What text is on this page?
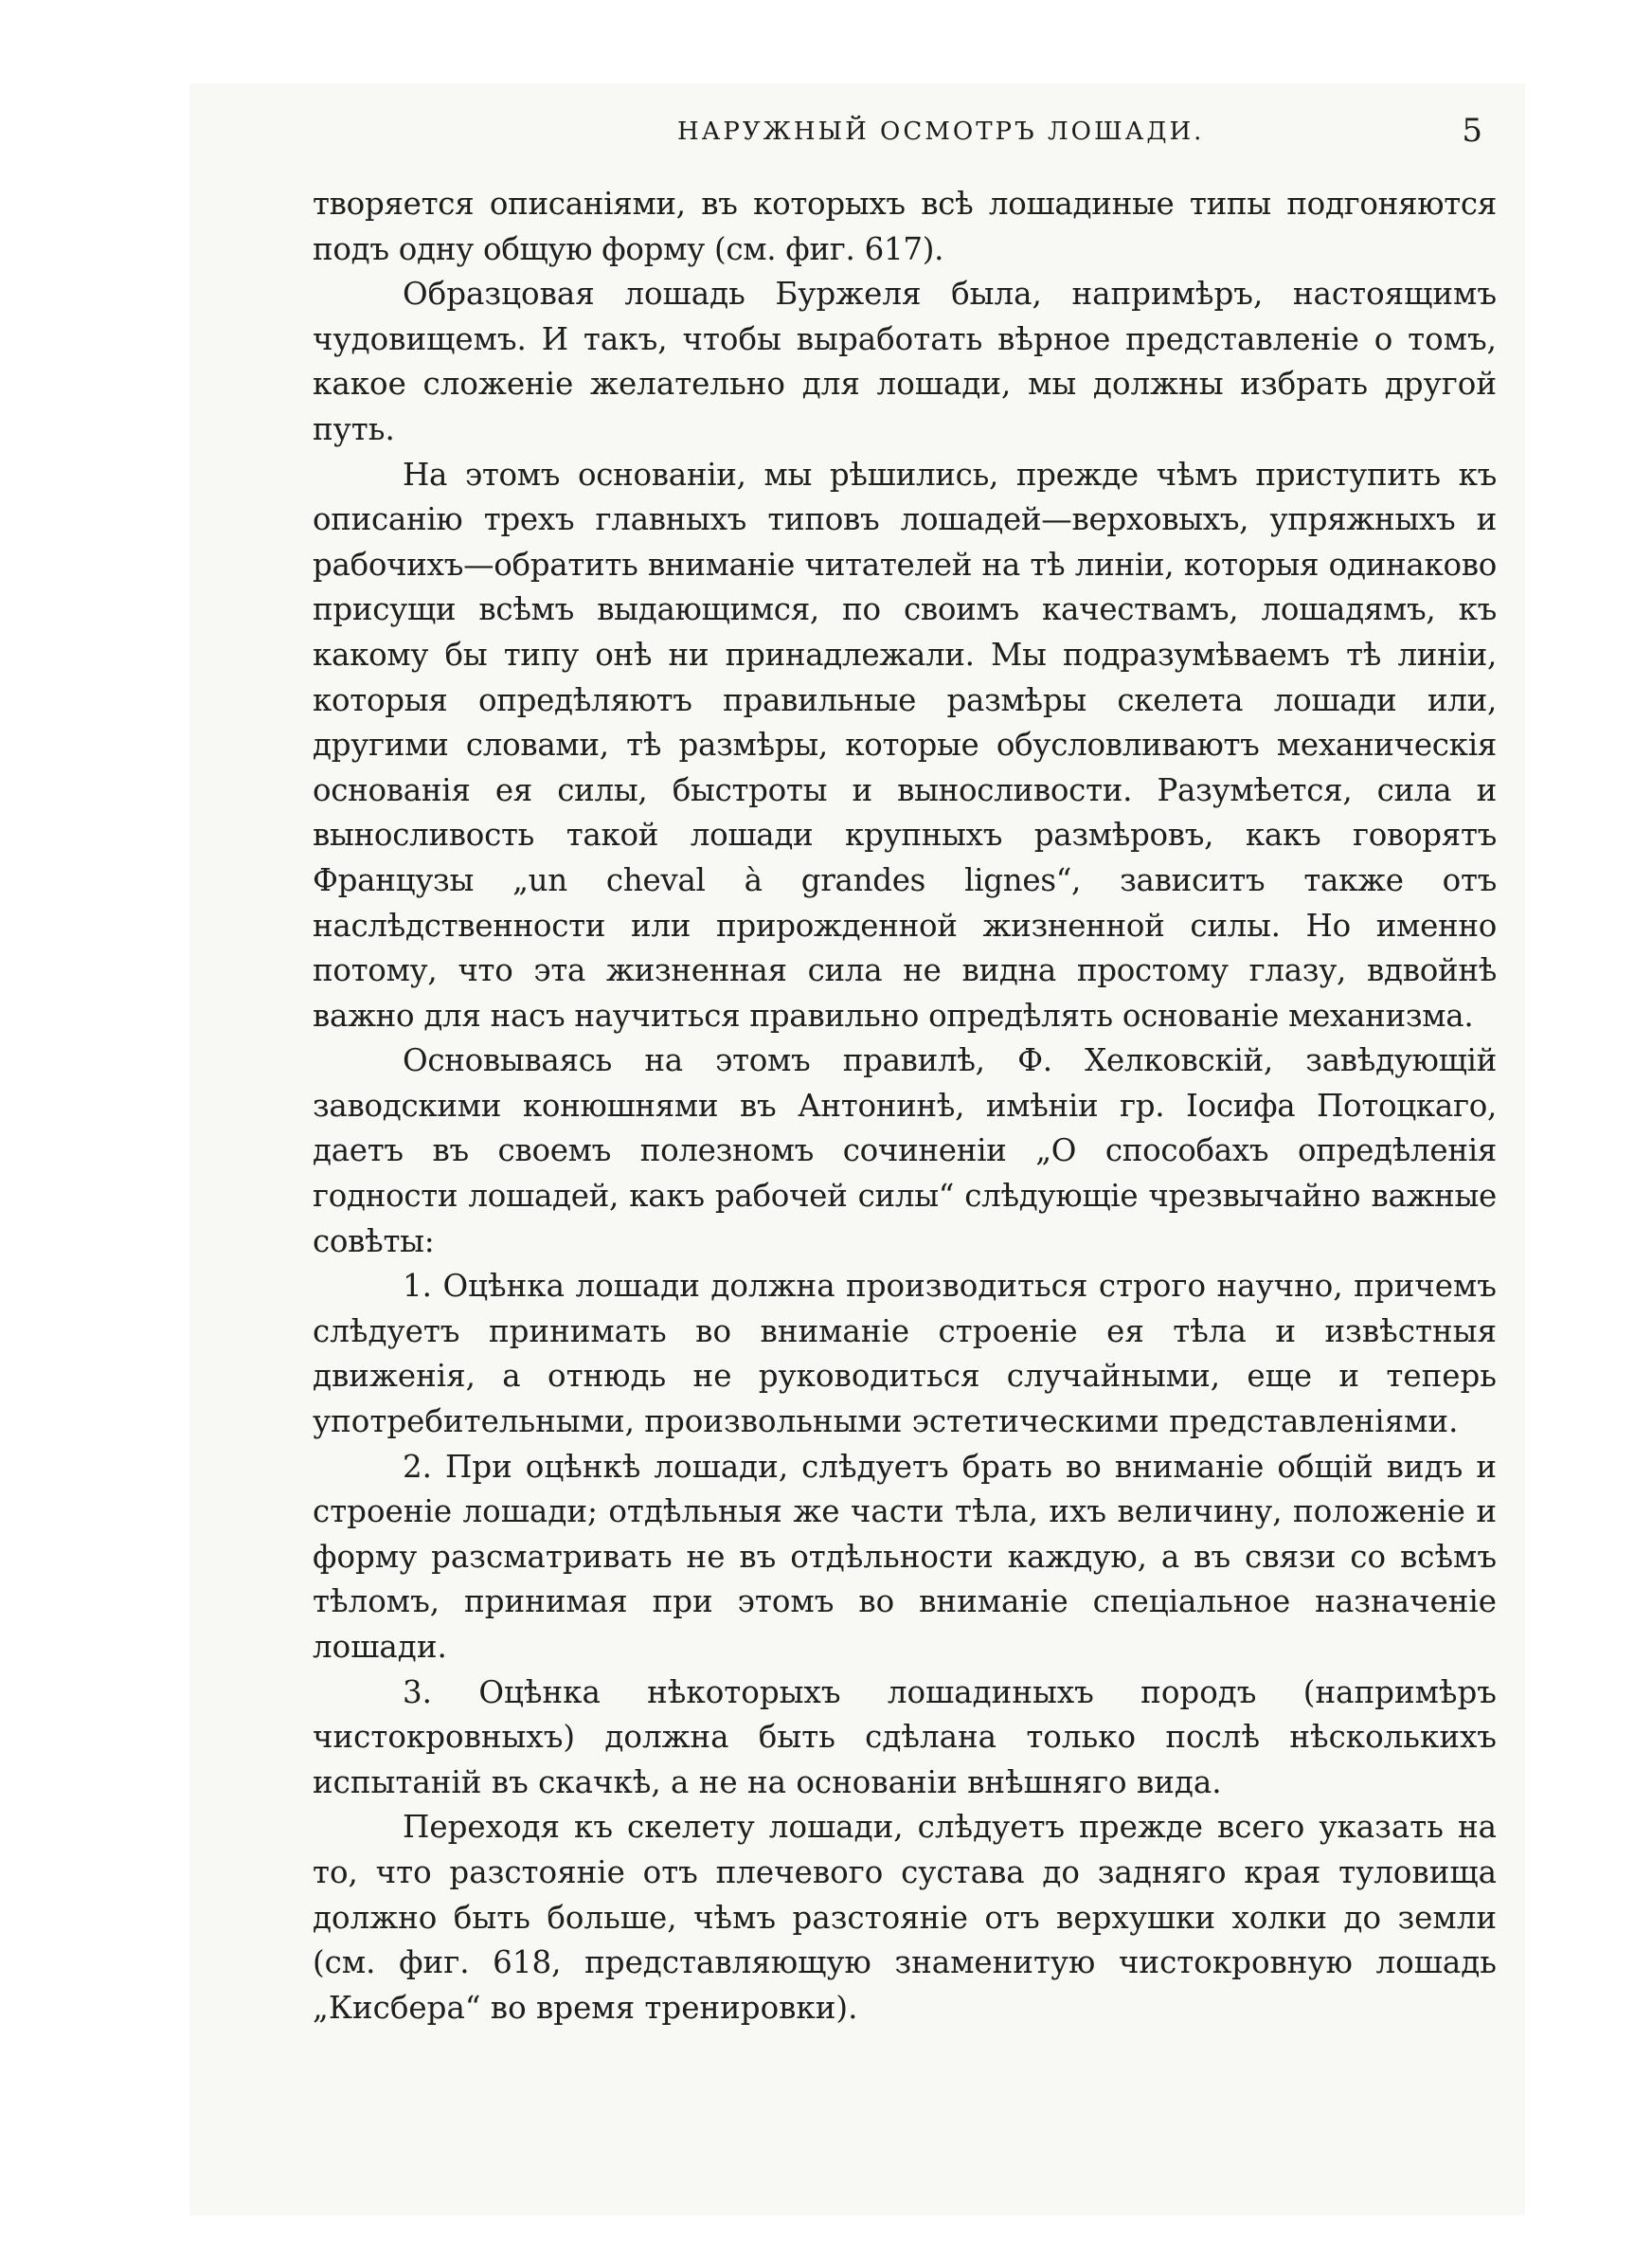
НАРУЖНЫЙ ОСМОТРЪ ЛОШАДИ.	5

творяется описаніями, въ которыхъ всѣ лошадиные типы подгоняются подъ одну общую форму (см. фиг. 617).

Образцовая лошадь Буржеля была, напримѣръ, настоящимъ чудовищемъ. И такъ, чтобы выработать вѣрное представленіе о томъ, какое сложеніе желательно для лошади, мы должны избрать другой путь.

На этомъ основаніи, мы рѣшились, прежде чѣмъ приступить къ описанію трехъ главныхъ типовъ лошадей—верховыхъ, упряжныхъ и рабочихъ—обратить вниманіе читателей на тѣ линіи, которыя одинаково присущи всѣмъ выдающимся, по своимъ качествамъ, лошадямъ, къ какому бы типу онѣ ни принадлежали. Мы подразумѣваемъ тѣ линіи, которыя опредѣляютъ правильные размѣры скелета лошади или, другими словами, тѣ размѣры, которые обусловливаютъ механическія основанія ея силы, быстроты и выносливости. Разумѣется, сила и выносливость такой лошади крупныхъ размѣровъ, какъ говорятъ Французы „un cheval à grandes lignes“, зависитъ также отъ наслѣдственности или прирожденной жизненной силы. Но именно потому, что эта жизненная сила не видна простому глазу, вдвойнѣ важно для насъ научиться правильно опредѣлять основаніе механизма.

Основываясь на этомъ правилѣ, Ф. Хелковскій, завѣдующій заводскими конюшнями въ Антонинѣ, имѣніи гр. Іосифа Потоцкаго, даетъ въ своемъ полезномъ сочиненіи „О способахъ опредѣленія годности лошадей, какъ рабочей силы“ слѣдующіе чрезвычайно важные совѣты:

1. Оцѣнка лошади должна производиться строго научно, причемъ слѣдуетъ принимать во вниманіе строеніе ея тѣла и извѣстныя движенія, а отнюдь не руководиться случайными, еще и теперь употребительными, произвольными эстетическими представленіями.

2. При оцѣнкѣ лошади, слѣдуетъ брать во вниманіе общій видъ и строеніе лошади; отдѣльныя же части тѣла, ихъ величину, положеніе и форму разсматривать не въ отдѣльности каждую, а въ связи со всѣмъ тѣломъ, принимая при этомъ во вниманіе спеціальное назначеніе лошади.

3. Оцѣнка нѣкоторыхъ лошадиныхъ породъ (напримѣръ чистокровныхъ) должна быть сдѣлана только послѣ нѣсколькихъ испытаній въ скачкѣ, а не на основаніи внѣшняго вида.

Переходя къ скелету лошади, слѣдуетъ прежде всего указать на то, что разстояніе отъ плечевого сустава до задняго края туловища должно быть больше, чѣмъ разстояніе отъ верхушки холки до земли (см. фиг. 618, представляющую знаменитую чистокровную лошадь „Кисбера“ во время тренировки).
